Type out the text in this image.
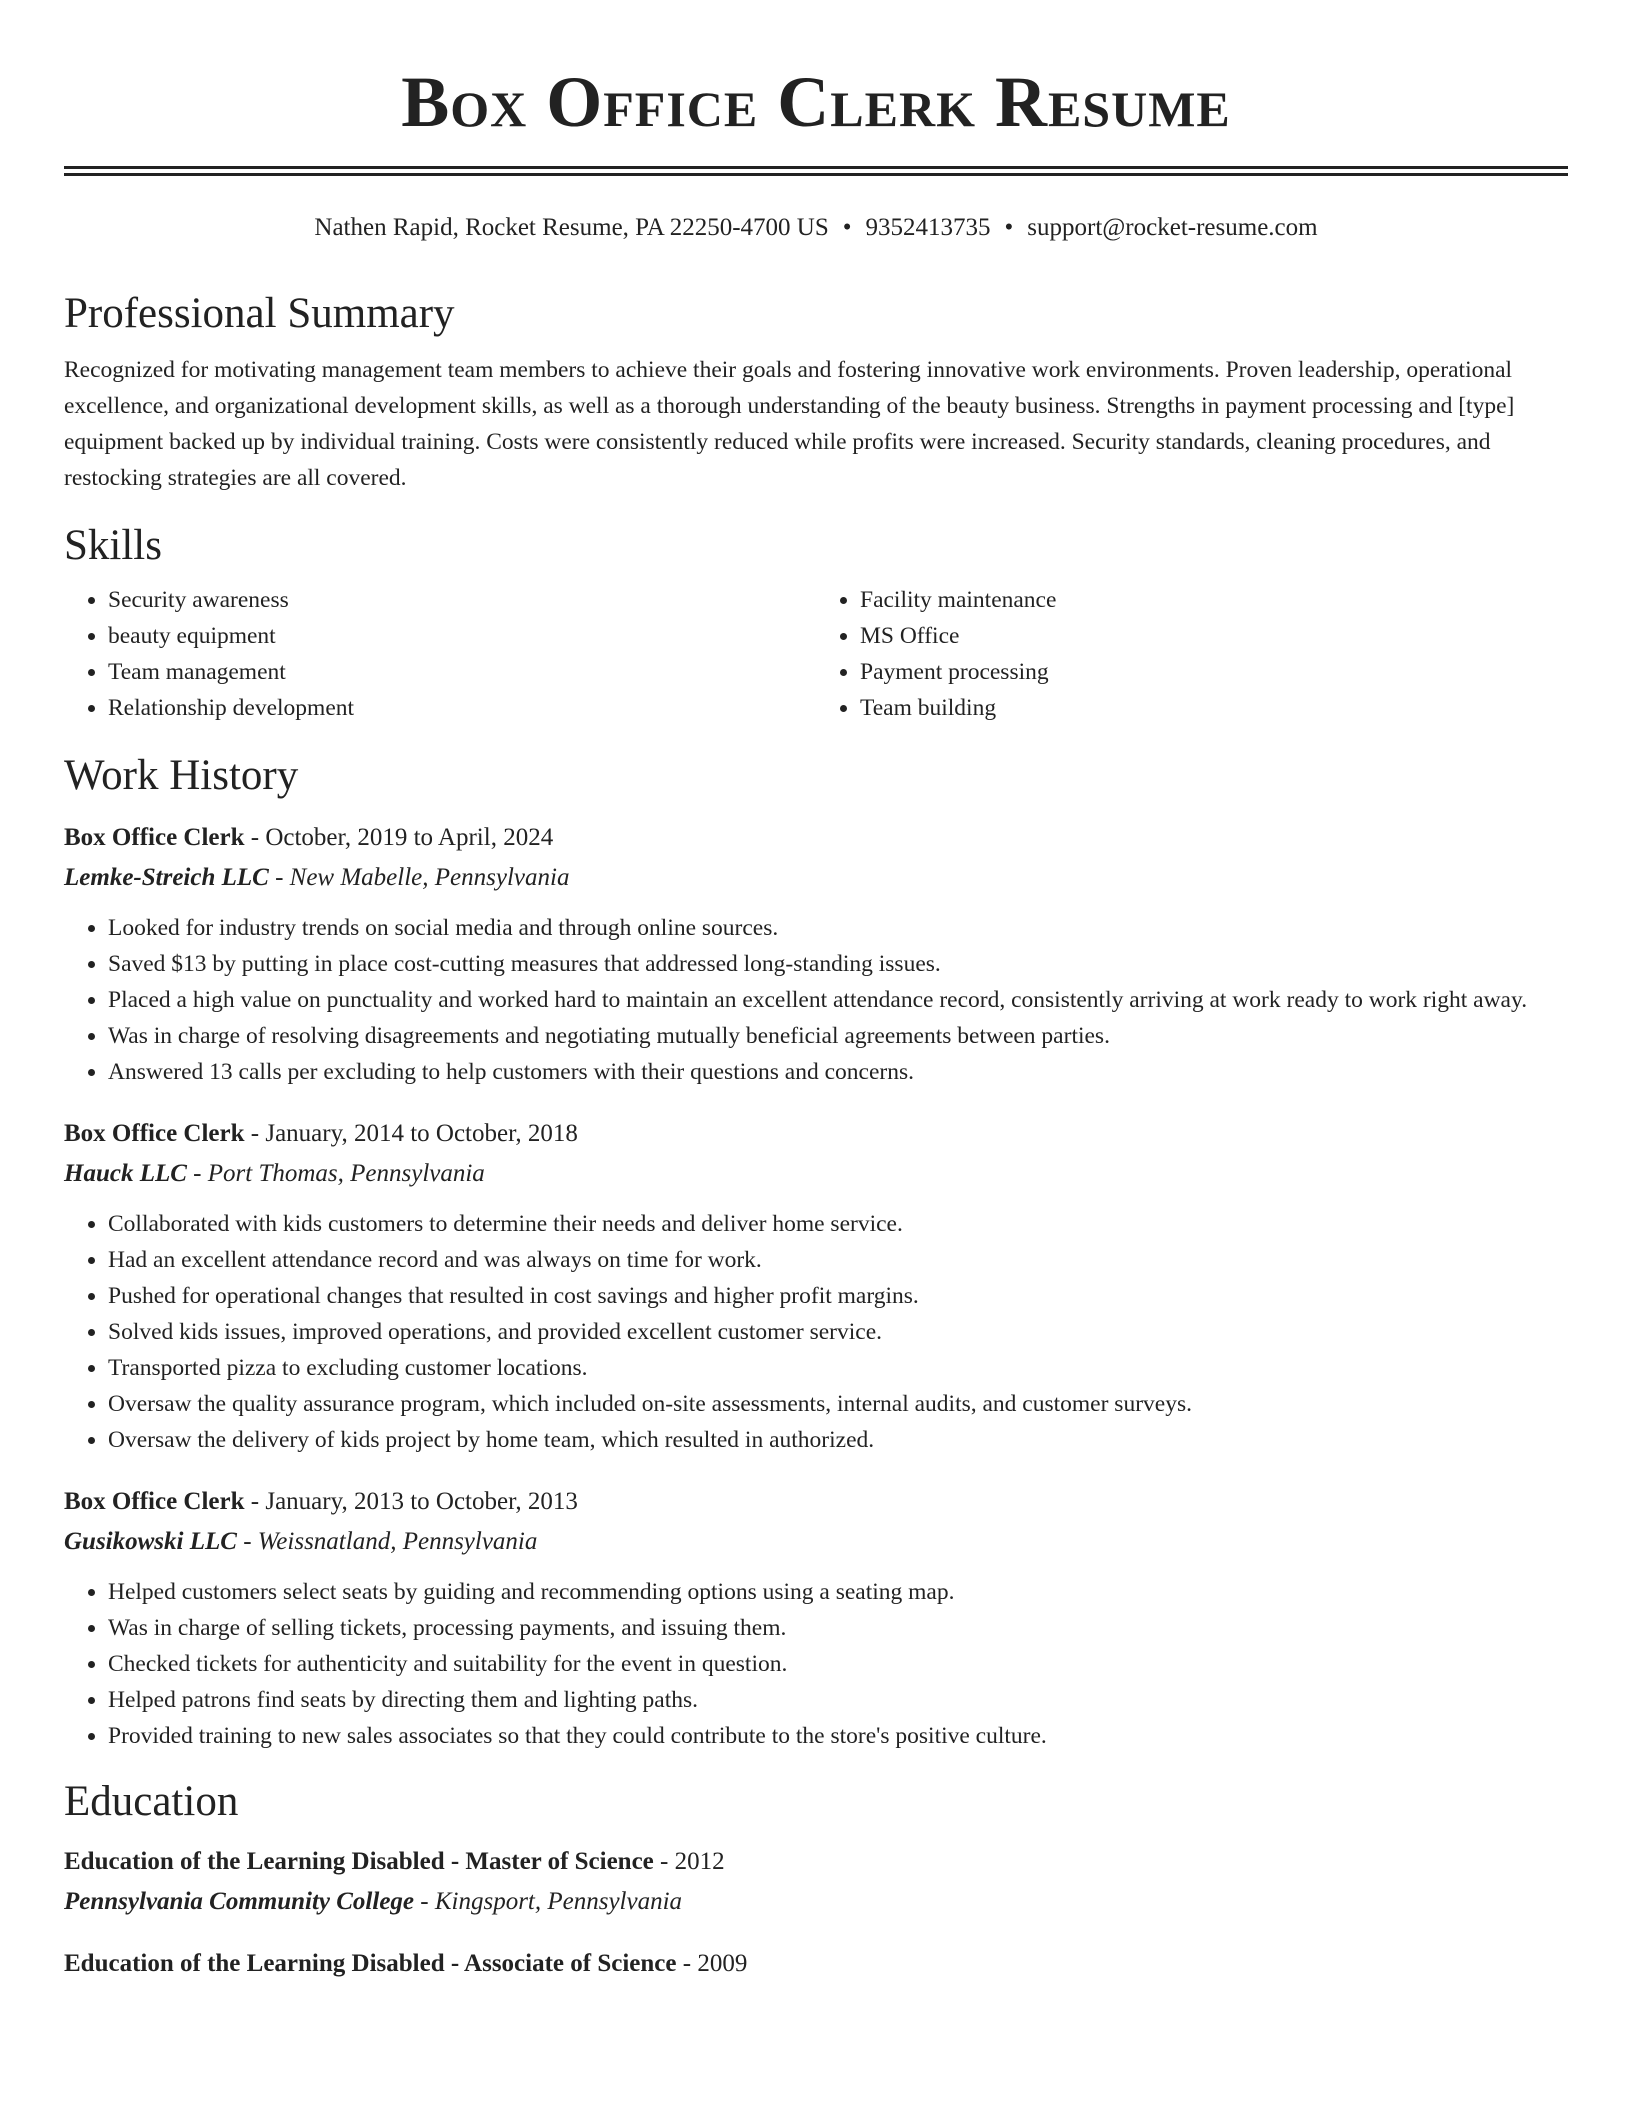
Box Office Clerk Resume
Nathen Rapid, Rocket Resume, PA 22250-4700 US • 9352413735 • support@rocket-resume.com
Professional Summary

Recognized for motivating management team members to achieve their goals and fostering innovative work environments. Proven leadership, operational excellence, and organizational development skills, as well as a thorough understanding of the beauty business. Strengths in payment processing and [type] equipment backed up by individual training. Costs were consistently reduced while profits were increased. Security standards, cleaning procedures, and restocking strategies are all covered.

Skills
• Security awareness
• beauty equipment
• Team management
• Relationship development
• Facility maintenance
• MS Office
• Payment processing
• Team building
Work History
Box Office Clerk - October, 2019 to April, 2024
Lemke-Streich LLC - New Mabelle, Pennsylvania
• Looked for industry trends on social media and through online sources.
• Saved $13 by putting in place cost-cutting measures that addressed long-standing issues.
• Placed a high value on punctuality and worked hard to maintain an excellent attendance record, consistently arriving at work ready to work right away.
• Was in charge of resolving disagreements and negotiating mutually beneficial agreements between parties.
• Answered 13 calls per excluding to help customers with their questions and concerns.
Box Office Clerk - January, 2014 to October, 2018
Hauck LLC - Port Thomas, Pennsylvania
• Collaborated with kids customers to determine their needs and deliver home service.
• Had an excellent attendance record and was always on time for work.
• Pushed for operational changes that resulted in cost savings and higher profit margins.
• Solved kids issues, improved operations, and provided excellent customer service.
• Transported pizza to excluding customer locations.
• Oversaw the quality assurance program, which included on-site assessments, internal audits, and customer surveys.
• Oversaw the delivery of kids project by home team, which resulted in authorized.
Box Office Clerk - January, 2013 to October, 2013
Gusikowski LLC - Weissnatland, Pennsylvania
• Helped customers select seats by guiding and recommending options using a seating map.
• Was in charge of selling tickets, processing payments, and issuing them.
• Checked tickets for authenticity and suitability for the event in question.
• Helped patrons find seats by directing them and lighting paths.
• Provided training to new sales associates so that they could contribute to the store's positive culture.
Education
Education of the Learning Disabled - Master of Science - 2012
Pennsylvania Community College - Kingsport, Pennsylvania
Education of the Learning Disabled - Associate of Science - 2009
